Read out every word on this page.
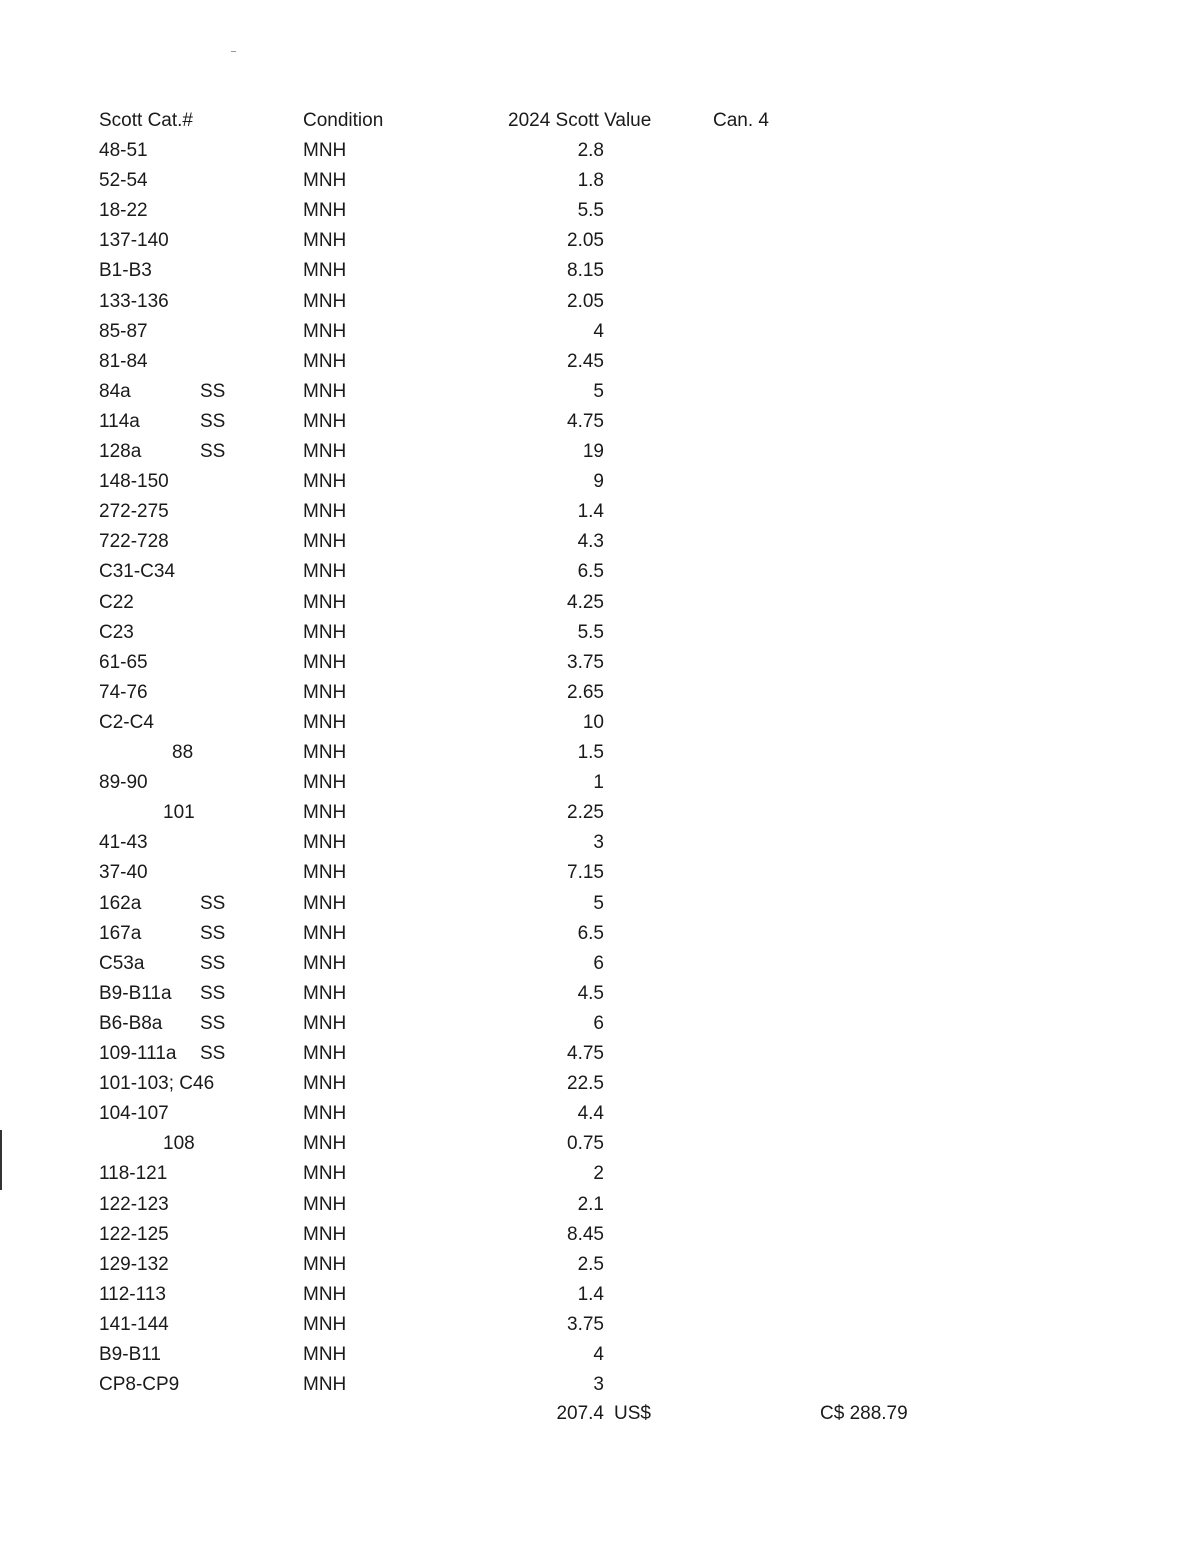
Scott Cat.#	Condition	2024 Scott Value	Can. 4
48-51	MNH	2.8
52-54	MNH	1.8
18-22	MNH	5.5
137-140	MNH	2.05
B1-B3	MNH	8.15
133-136	MNH	2.05
85-87	MNH	4
81-84	MNH	2.45
84a	SS	MNH	5
114a	SS	MNH	4.75
128a	SS	MNH	19
148-150	MNH	9
272-275	MNH	1.4
722-728	MNH	4.3
C31-C34	MNH	6.5
C22	MNH	4.25
C23	MNH	5.5
61-65	MNH	3.75
74-76	MNH	2.65
C2-C4	MNH	10
88	MNH	1.5
89-90	MNH	1
101	MNH	2.25
41-43	MNH	3
37-40	MNH	7.15
162a	SS	MNH	5
167a	SS	MNH	6.5
C53a	SS	MNH	6
B9-B11a SS	MNH	4.5
B6-B8a SS	MNH	6
109-111a SS	MNH	4.75
101-103; C46	MNH	22.5
104-107	MNH	4.4
108	MNH	0.75
118-121	MNH	2
122-123	MNH	2.1
122-125	MNH	8.45
129-132	MNH	2.5
112-113	MNH	1.4
141-144	MNH	3.75
B9-B11	MNH	4
CP8-CP9	MNH	3
207.4 US$	C$ 288.79
